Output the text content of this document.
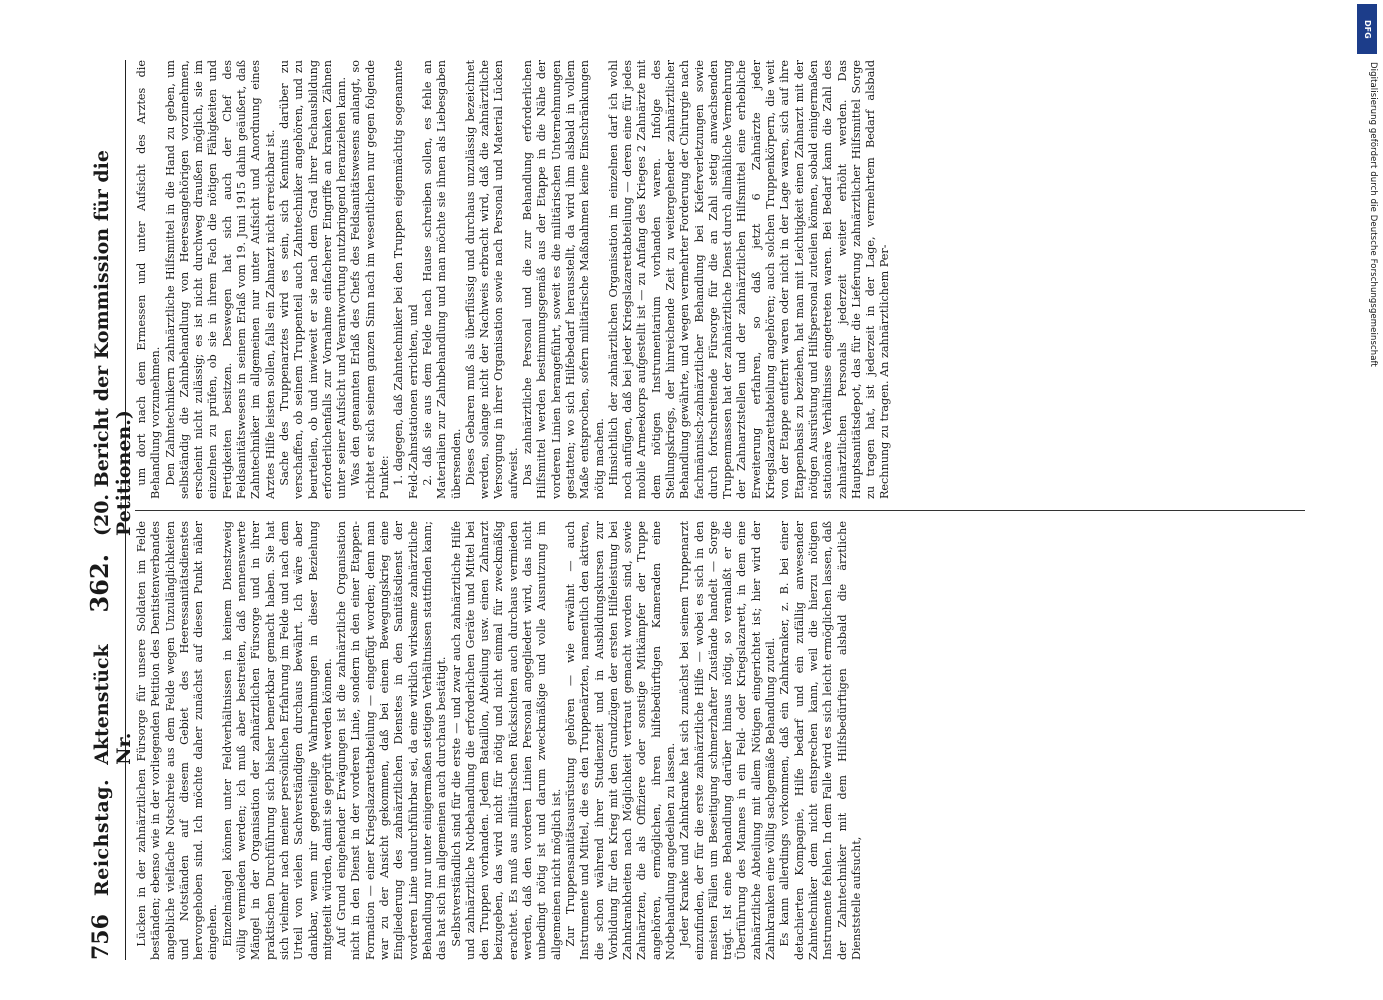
DFG
Digitalisierung gefördert durch die Deutsche Forschungsgemeinschaft
756
Reichstag.
Aktenstück Nr.
362.
(20. Bericht der Kommission für die Petitionen.)

Lücken in der zahnärztlichen Fürsorge für unsere Soldaten im Felde beständen; ebenso wie in der vorliegenden Petition des Dentistenverbandes angebliche vielfache Notschreie aus dem Felde wegen Unzulänglichkeiten und Notständen auf diesem Gebiet des Heeressanitätsdienstes hervorgehoben sind. Ich möchte daher zunächst auf diesen Punkt näher eingehen. Einzelmängel können unter Feldverhältnissen in keinem Dienstzweig völlig vermieden werden; ich muß aber bestreiten, daß nennenswerte Mängel in der Organisation der zahnärztlichen Fürsorge und in ihrer praktischen Durchführung sich bisher bemerkbar gemacht haben. Sie hat sich vielmehr nach meiner persönlichen Erfahrung im Felde und nach dem Urteil von vielen Sachverständigen durchaus bewährt. Ich wäre aber dankbar, wenn mir gegenteilige Wahrnehmungen in dieser Beziehung mitgeteilt würden, damit sie geprüft werden können. Auf Grund eingehender Erwägungen ist die zahnärztliche Organisation nicht in den Dienst in der vorderen Linie, sondern in den einer Etappen-Formation — einer Kriegslazarettabteilung — eingefügt worden; denn man war zu der Ansicht gekommen, daß bei einem Bewegungskrieg eine Eingliederung des zahnärztlichen Dienstes in den Sanitätsdienst der vorderen Linie undurchführbar sei, da eine wirklich wirksame zahnärztliche Behandlung nur unter einigermaßen stetigen Verhältnissen stattfinden kann; das hat sich im allgemeinen auch durchaus bestätigt. Selbstverständlich sind für die erste — und zwar auch zahnärztliche Hilfe und zahnärztliche Notbehandlung die erforderlichen Geräte und Mittel bei den Truppen vorhanden. Jedem Bataillon, Abteilung usw. einen Zahnarzt beizugeben, das wird nicht für nötig und nicht einmal für zweckmäßig erachtet. Es muß aus militärischen Rücksichten auch durchaus vermieden werden, daß den vorderen Linien Personal angegliedert wird, das nicht unbedingt nötig ist und darum zweckmäßige und volle Ausnutzung im allgemeinen nicht möglich ist. Zur Truppensanitätsausrüstung gehören — wie erwähnt — auch Instrumente und Mittel, die es den Truppenärzten, namentlich den aktiven, die schon während ihrer Studienzeit und in Ausbildungskursen zur Vorbildung für den Krieg mit den Grundzügen der ersten Hilfeleistung bei Zahnkrankheiten nach Möglichkeit vertraut gemacht worden sind, sowie Zahnärzten, die als Offiziere oder sonstige Mitkämpfer der Truppe angehören, ermöglichen, ihren hilfebedürftigen Kameraden eine Notbehandlung angedeihen zu lassen. Jeder Kranke und Zahnkranke hat sich zunächst bei seinem Truppenarzt einzufinden, der für die erste zahnärztliche Hilfe — wobei es sich in den meisten Fällen um Beseitigung schmerzhafter Zustände handelt — Sorge trägt. Ist eine Behandlung darüber hinaus nötig, so veranlaßt er die Überführung des Mannes in ein Feld- oder Kriegslazarett, in dem eine zahnärztliche Abteilung mit allem Nötigen eingerichtet ist; hier wird der Zahnkranken eine völlig sachgemäße Behandlung zuteil. Es kann allerdings vorkommen, daß ein Zahnkranker, z. B. bei einer detachierten Kompagnie, Hilfe bedarf und ein zufällig anwesender Zahntechniker dem nicht entsprechen kann, weil die hierzu nötigen Instrumente fehlen. In dem Falle wird es sich leicht ermöglichen lassen, daß der Zahntechniker mit dem Hilfsbedürftigen alsbald die ärztliche Dienststelle aufsucht,

um dort nach dem Ermessen und unter Aufsicht des Arztes die Behandlung vorzunehmen. Den Zahntechnikern zahnärztliche Hilfsmittel in die Hand zu geben, um selbständig die Zahnbehandlung von Heeresangehörigen vorzunehmen, erscheint nicht zulässig; es ist nicht durchweg draußen möglich, sie im einzelnen zu prüfen, ob sie in ihrem Fach die nötigen Fähigkeiten und Fertigkeiten besitzen. Deswegen hat sich auch der Chef des Feldsanitätswesens in seinem Erlaß vom 19. Juni 1915 dahin geäußert, daß Zahntechniker im allgemeinen nur unter Aufsicht und Anordnung eines Arztes Hilfe leisten sollen, falls ein Zahnarzt nicht erreichbar ist. Sache des Truppenarztes wird es sein, sich Kenntnis darüber zu verschaffen, ob seinem Truppenteil auch Zahntechniker angehören, und zu beurteilen, ob und inwieweit er sie nach dem Grad ihrer Fachausbildung erforderlichenfalls zur Vornahme einfacherer Eingriffe an kranken Zähnen unter seiner Aufsicht und Verantwortung nutzbringend heranziehen kann. Was den genannten Erlaß des Chefs des Feldsanitätswesens anlangt, so richtet er sich seinem ganzen Sinn nach im wesentlichen nur gegen folgende Punkte: 1. dagegen, daß Zahntechniker bei den Truppen eigenmächtig sogenannte Feld-Zahnstationen errichten, und 2. daß sie aus dem Felde nach Hause schreiben sollen, es fehle an Materialien zur Zahnbehandlung und man möchte sie ihnen als Liebesgaben übersenden. Dieses Gebaren muß als überflüssig und durchaus unzulässig bezeichnet werden, solange nicht der Nachweis erbracht wird, daß die zahnärztliche Versorgung in ihrer Organisation sowie nach Personal und Material Lücken aufweist. Das zahnärztliche Personal und die zur Behandlung erforderlichen Hilfsmittel werden bestimmungsgemäß aus der Etappe in die Nähe der vorderen Linien herangeführt, soweit es die militärischen Unternehmungen gestatten; wo sich Hilfebedarf herausstellt, da wird ihm alsbald in vollem Maße entsprochen, sofern militärische Maßnahmen keine Einschränkungen nötig machen. Hinsichtlich der zahnärztlichen Organisation im einzelnen darf ich wohl noch anfügen, daß bei jeder Kriegslazarettabteilung — deren eine für jedes mobile Armeekorps aufgestellt ist — zu Anfang des Krieges 2 Zahnärzte mit dem nötigen Instrumentarium vorhanden waren. Infolge des Stellungskriegs, der hinreichende Zeit zu weitergehender zahnärztlicher Behandlung gewährte, und wegen vermehrter Forderung der Chirurgie nach fachmännisch-zahnärztlicher Behandlung bei Kieferverletzungen sowie durch fortschreitende Fürsorge für die an Zahl stetig anwachsenden Truppenmassen hat der zahnärztliche Dienst durch allmähliche Vermehrung der Zahnarztstellen und der zahnärztlichen Hilfsmittel eine erhebliche Erweiterung erfahren, so daß jetzt 6 Zahnärzte jeder Kriegslazarettabteilung angehören; auch solchen Truppenkörpern, die weit von der Etappe entfernt waren oder nicht in der Lage waren, sich auf ihre Etappenbasis zu beziehen, hat man mit Leichtigkeit einen Zahnarzt mit der nötigen Ausrüstung und Hilfspersonal zuteilen können, sobald einigermaßen stationäre Verhältnisse eingetreten waren. Bei Bedarf kann die Zahl des zahnärztlichen Personals jederzeit weiter erhöht werden. Das Hauptsanitätsdepot, das für die Lieferung zahnärztlicher Hilfsmittel Sorge zu tragen hat, ist jederzeit in der Lage, vermehrtem Bedarf alsbald Rechnung zu tragen. An zahnärztlichem Per-
